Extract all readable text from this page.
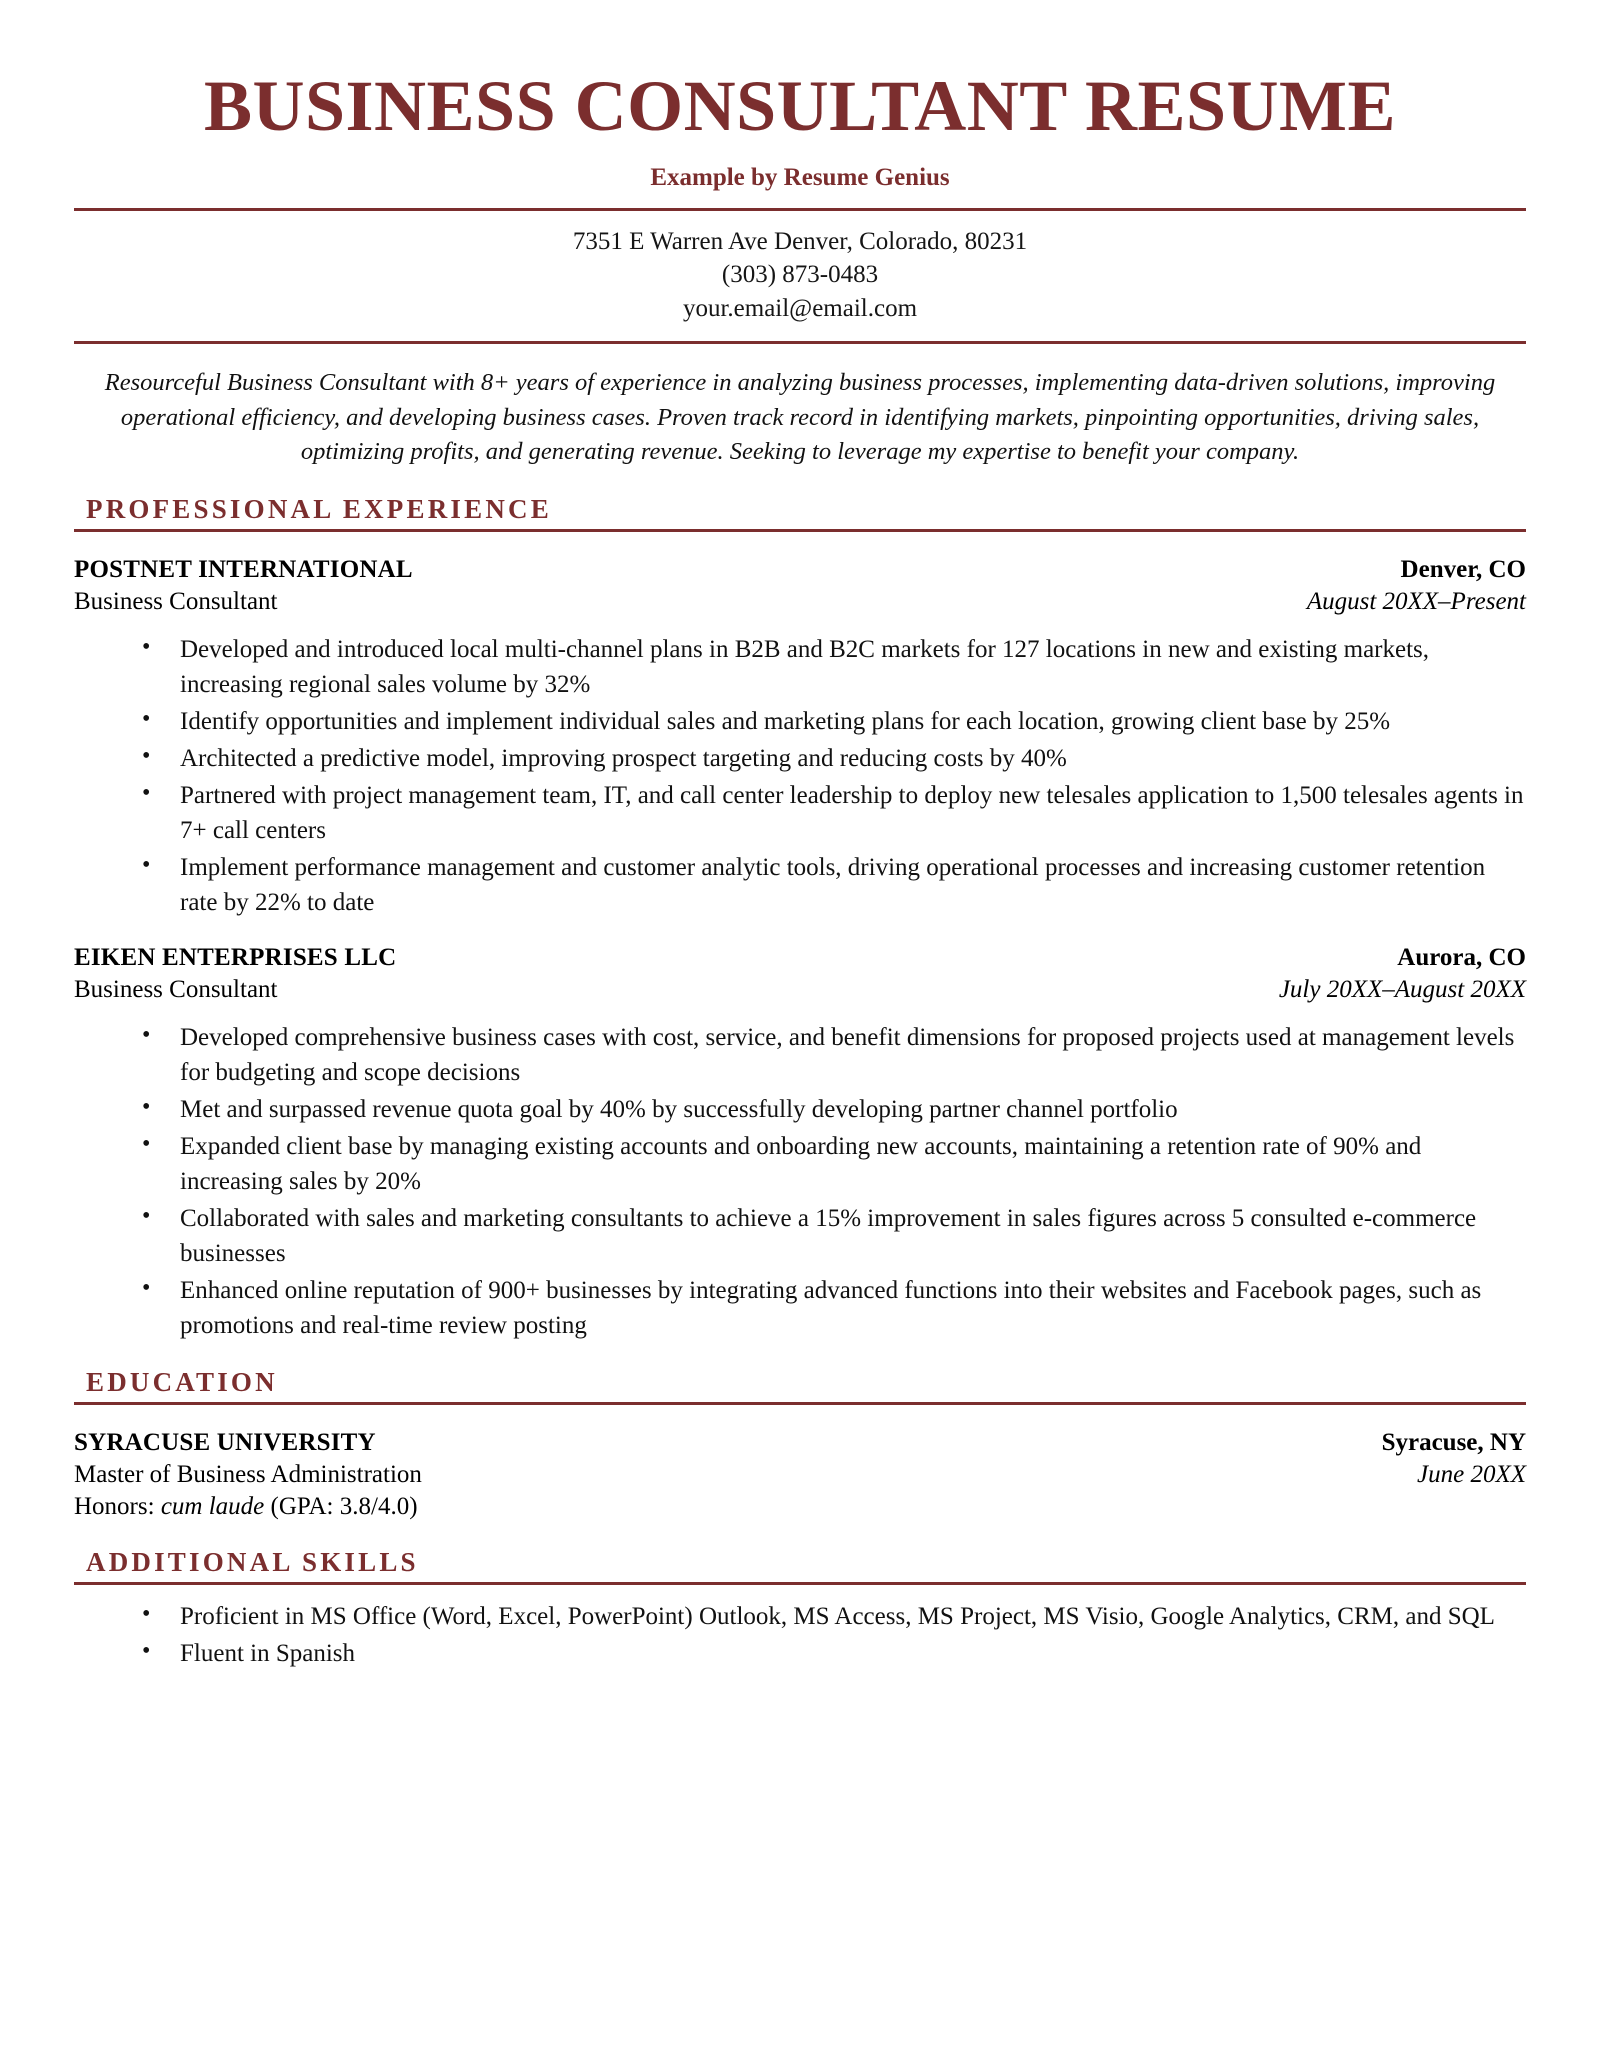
BUSINESS CONSULTANT RESUME
Example by Resume Genius
7351 E Warren Ave Denver, Colorado, 80231
(303) 873-0483
your.email@email.com

Resourceful Business Consultant with 8+ years of experience in analyzing business processes, implementing data-driven solutions, improving operational efficiency, and developing business cases. Proven track record in identifying markets, pinpointing opportunities, driving sales, optimizing profits, and generating revenue. Seeking to leverage my expertise to benefit your company.

PROFESSIONAL EXPERIENCE
POSTNET INTERNATIONAL	Denver, CO
Business Consultant	August 20XX–Present
• Developed and introduced local multi-channel plans in B2B and B2C markets for 127 locations in new and existing markets, increasing regional sales volume by 32%
• Identify opportunities and implement individual sales and marketing plans for each location, growing client base by 25%
• Architected a predictive model, improving prospect targeting and reducing costs by 40%
• Partnered with project management team, IT, and call center leadership to deploy new telesales application to 1,500 telesales agents in 7+ call centers
• Implement performance management and customer analytic tools, driving operational processes and increasing customer retention rate by 22% to date
EIKEN ENTERPRISES LLC	Aurora, CO
Business Consultant	July 20XX–August 20XX
• Developed comprehensive business cases with cost, service, and benefit dimensions for proposed projects used at management levels for budgeting and scope decisions
• Met and surpassed revenue quota goal by 40% by successfully developing partner channel portfolio
• Expanded client base by managing existing accounts and onboarding new accounts, maintaining a retention rate of 90% and increasing sales by 20%
• Collaborated with sales and marketing consultants to achieve a 15% improvement in sales figures across 5 consulted e-commerce businesses
• Enhanced online reputation of 900+ businesses by integrating advanced functions into their websites and Facebook pages, such as promotions and real-time review posting
EDUCATION
SYRACUSE UNIVERSITY	Syracuse, NY
Master of Business Administration	June 20XX
Honors: cum laude (GPA: 3.8/4.0)
ADDITIONAL SKILLS
• Proficient in MS Office (Word, Excel, PowerPoint) Outlook, MS Access, MS Project, MS Visio, Google Analytics, CRM, and SQL
• Fluent in Spanish
